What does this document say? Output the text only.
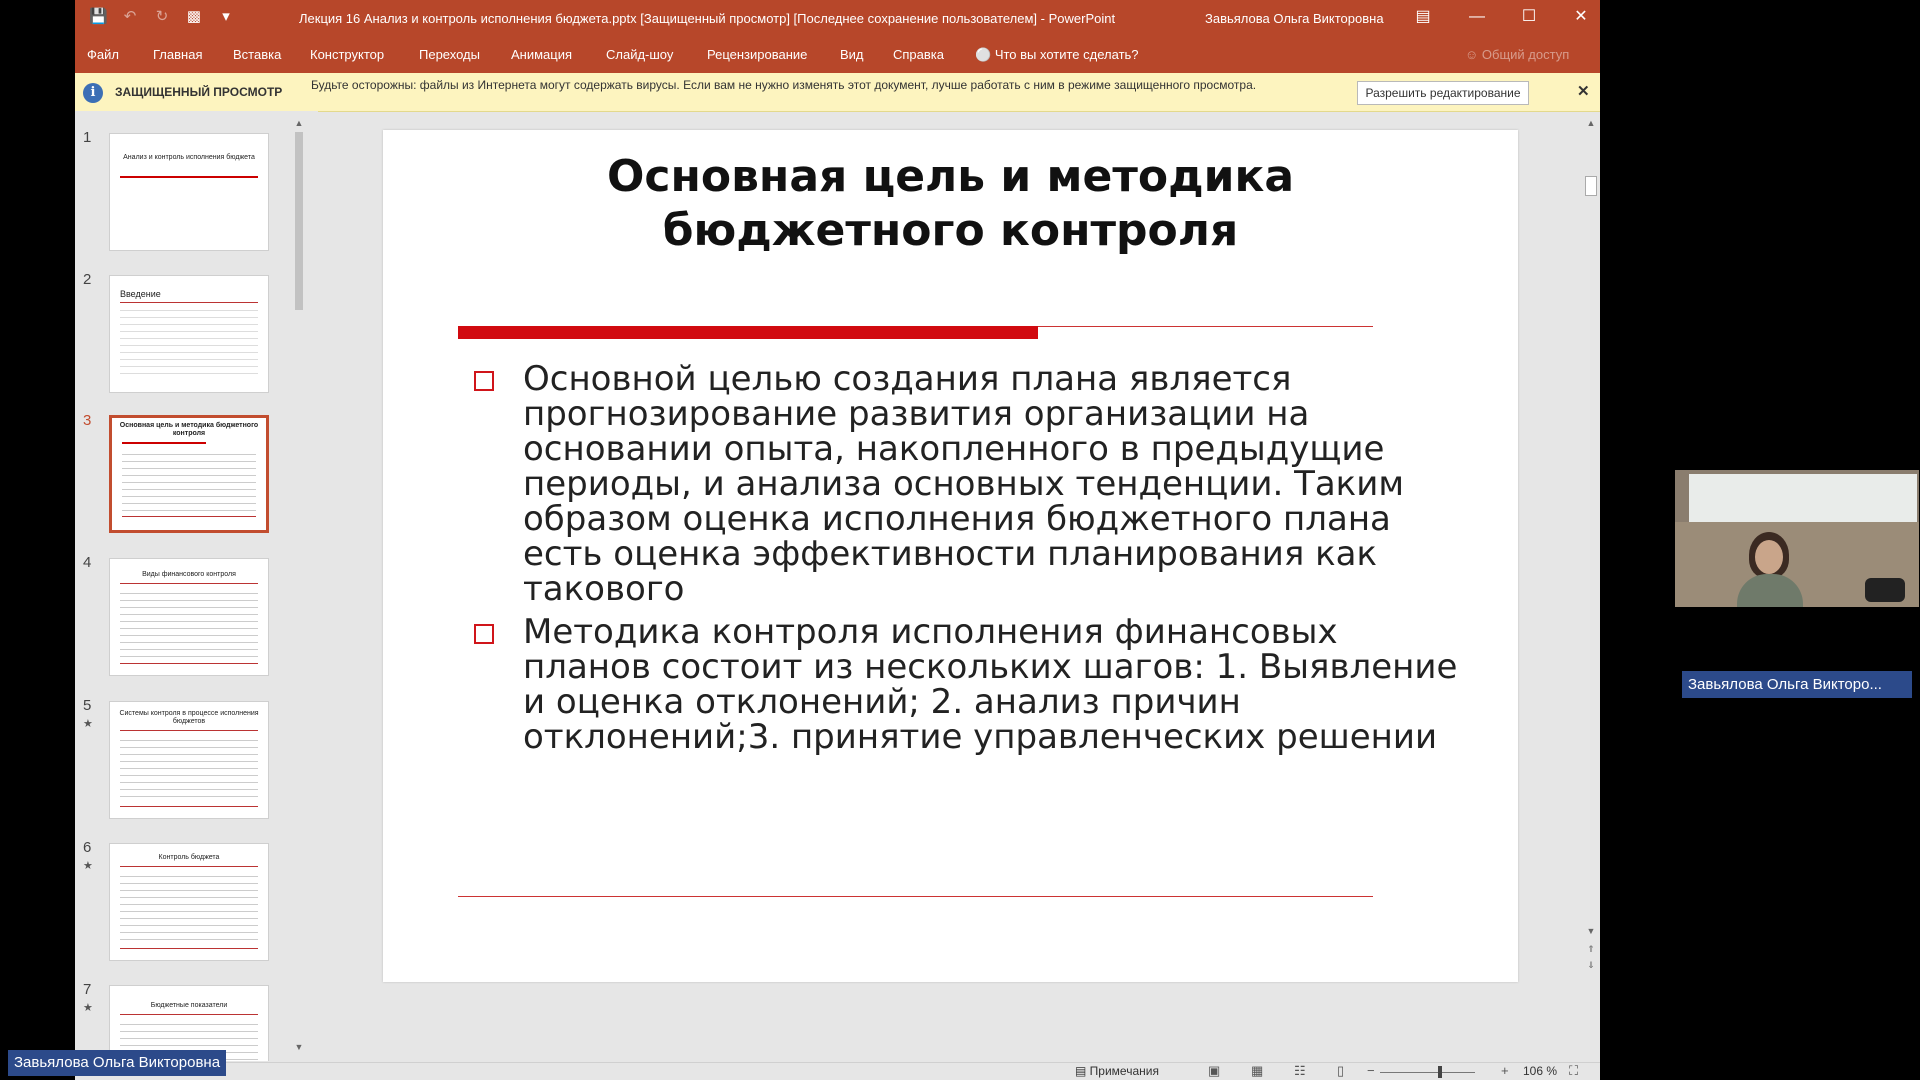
💾 ↶ ↻ ▩	▾	Лекция 16 Анализ и контроль исполнения бюджета.pptx [Защищенный просмотр] [Последнее сохранение пользователем] - PowerPoint	Завьялова Ольга Викторовна	▤	—	☐	✕
Файл	Главная Вставка Конструктор	Переходы Анимация	Слайд-шоу	Рецензирование	Вид Справка ⚪ Что вы хотите сделать?	☺ Общий доступ
i	ЗАЩИЩЕННЫЙ ПРОСМОТР Будьте осторожны: файлы из Интернета могут содержать вирусы. Если вам не нужно изменять этот документ, лучше работать с ним в режиме защищенного просмотра.
Разрешить редактирование	✕
1
Анализ и контроль исполнения бюджета
2
Введение
3	Основная цель и методика бюджетного контроля
4
Виды финансового контроля
5
★
Системы контроля в процессе исполнения бюджетов
6
★
Контроль бюджета
7
★	Бюджетные показатели
▲
▼
Основная цель и методика
бюджетного контроля
Основной целью создания плана является прогнозирование развития организации на основании опыта, накопленного в предыдущие периоды, и анализа основных тенденции. Таким образом оценка исполнения бюджетного плана есть оценка эффективности планирования как такового
Методика контроля исполнения финансовых планов состоит из нескольких шагов: 1. Выявление и оценка отклонений; 2. анализ причин отклонений;3. принятие управленческих решении
▲
▼
⇑
⇓
▤ Примечания	▣ ▦ ☷ ▯ −	+ 106 % ⛶
Завьялова Ольга Викторо...
Завьялова Ольга Викторовна
